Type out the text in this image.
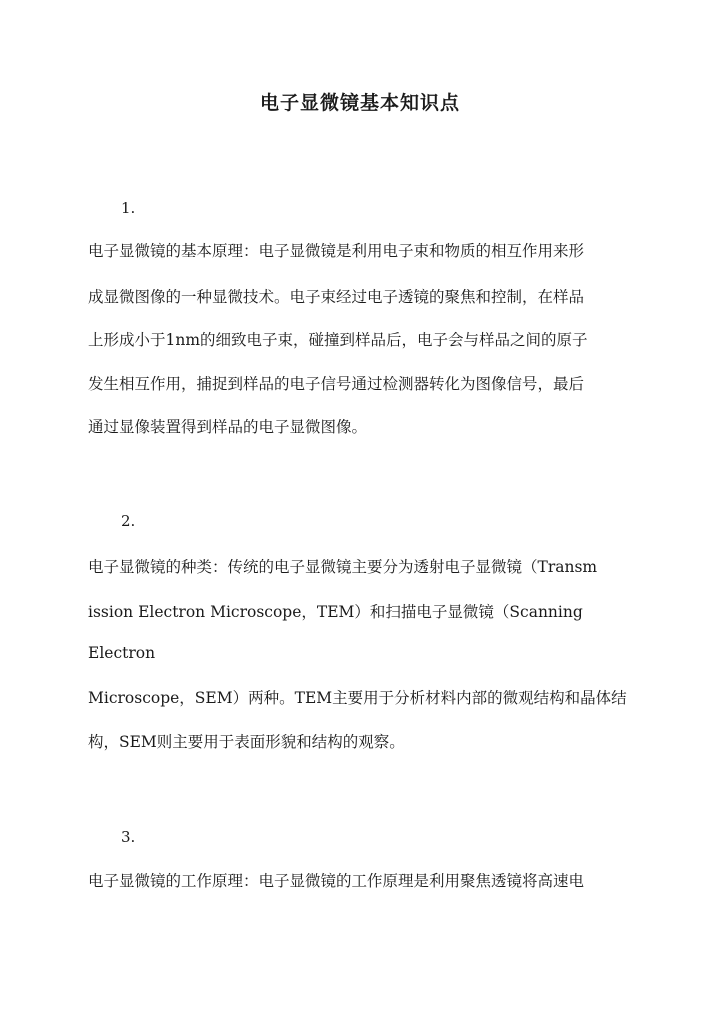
电子显微镜基本知识点
1.
电子显微镜的基本原理：电子显微镜是利用电子束和物质的相互作用来形
成显微图像的一种显微技术。电子束经过电子透镜的聚焦和控制，在样品
上形成小于1nm的细致电子束，碰撞到样品后，电子会与样品之间的原子
发生相互作用，捕捉到样品的电子信号通过检测器转化为图像信号，最后
通过显像装置得到样品的电子显微图像。
2.
电子显微镜的种类：传统的电子显微镜主要分为透射电子显微镜（Transm
ission Electron Microscope，TEM）和扫描电子显微镜（Scanning
Electron
Microscope，SEM）两种。TEM主要用于分析材料内部的微观结构和晶体结
构，SEM则主要用于表面形貌和结构的观察。
3.
电子显微镜的工作原理：电子显微镜的工作原理是利用聚焦透镜将高速电
